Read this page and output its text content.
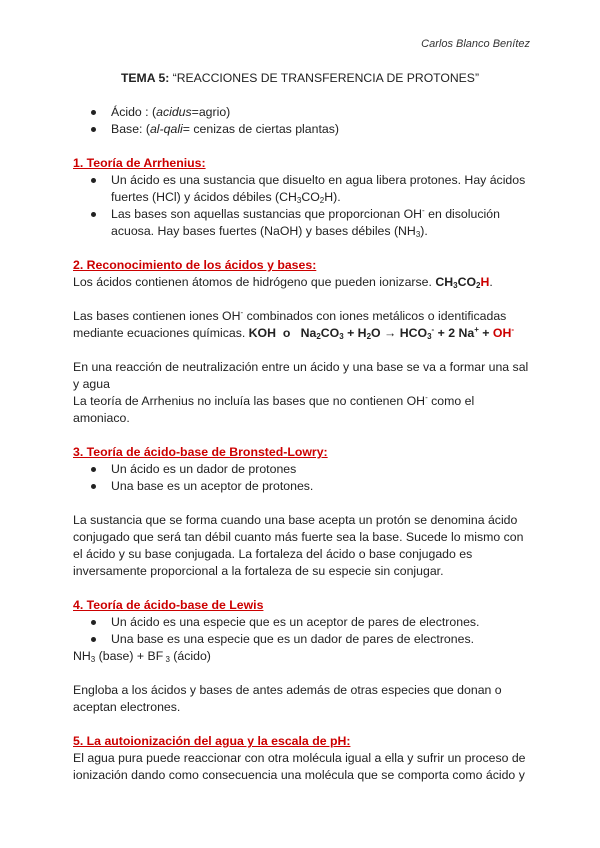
Carlos Blanco Benítez
TEMA 5: “REACCIONES DE TRANSFERENCIA DE PROTONES”
Ácido : (acidus=agrio)
Base: (al-qali= cenizas de ciertas plantas)

1. Teoría de Arrhenius:

Un ácido es una sustancia que disuelto en agua libera protones. Hay ácidos fuertes (HCl) y ácidos débiles $(CH_3CO_2H)$.
Las bases son aquellas sustancias que proporcionan OH- en disolución acuosa. Hay bases fuertes (NaOH) y bases débiles $(NH_3)$.

2. Reconocimiento de los ácidos y bases:

Los ácidos contienen átomos de hidrógeno que pueden ionizarse. $CH_3CO_2H$.

Las bases contienen iones OH- combinados con iones metálicos o identificadas mediante ecuaciones químicas. KOH  o   $Na_2CO_3 + H_2O \to HCO_3^- + 2$ Na+ + OH-

En una reacción de neutralización entre un ácido y una base se va a formar una sal y agua

La teoría de Arrhenius no incluía las bases que no contienen OH- como el amoniaco.

3. Teoría de ácido-base de Bronsted-Lowry:

Un ácido es un dador de protones
Una base es un aceptor de protones.

La sustancia que se forma cuando una base acepta un protón se denomina ácido conjugado que será tan débil cuanto más fuerte sea la base. Sucede lo mismo con el ácido y su base conjugada. La fortaleza del ácido o base conjugado es inversamente proporcional a la fortaleza de su especie sin conjugar.

4. Teoría de ácido-base de Lewis

Un ácido es una especie que es un aceptor de pares de electrones.
Una base es una especie que es un dador de pares de electrones.

$NH_3$ (base) + BF $_3$ (ácido)

Engloba a los ácidos y bases de antes además de otras especies que donan o aceptan electrones.

5. La autoionización del agua y la escala de pH:

El agua pura puede reaccionar con otra molécula igual a ella y sufrir un proceso de ionización dando como consecuencia una molécula que se comporta como ácido y
